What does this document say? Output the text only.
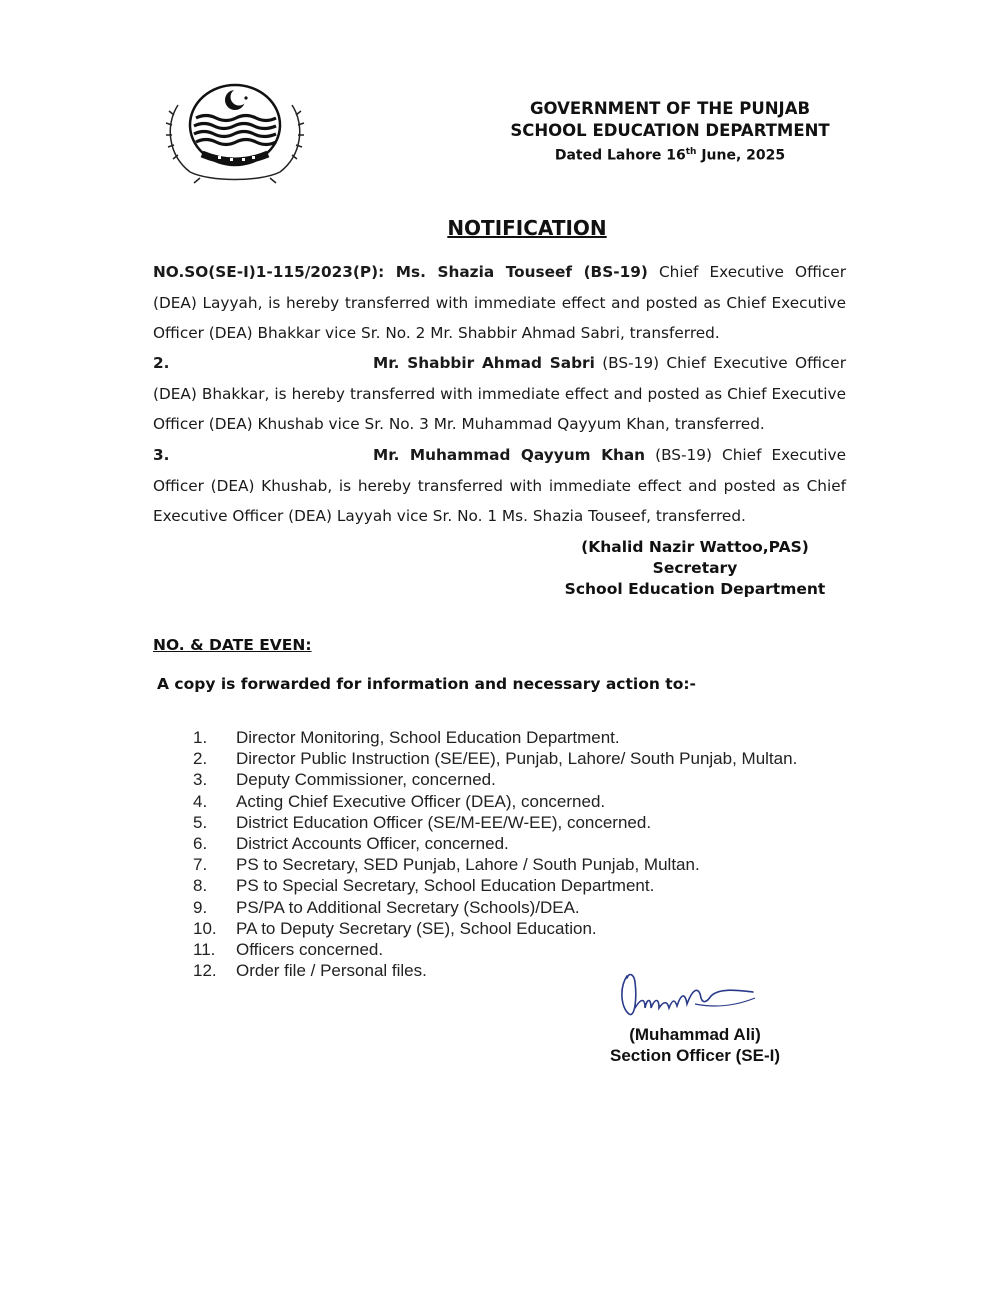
GOVERNMENT OF THE PUNJAB
SCHOOL EDUCATION DEPARTMENT
Dated Lahore 16th June, 2025
NOTIFICATION
NO.SO(SE-I)1-115/2023(P): Ms. Shazia Touseef (BS-19) Chief Executive Officer (DEA) Layyah, is hereby transferred with immediate effect and posted as Chief Executive Officer (DEA) Bhakkar vice Sr. No. 2 Mr. Shabbir Ahmad Sabri, transferred.
2.	Mr. Shabbir Ahmad Sabri (BS-19) Chief Executive Officer (DEA) Bhakkar, is hereby transferred with immediate effect and posted as Chief Executive Officer (DEA) Khushab vice Sr. No. 3 Mr. Muhammad Qayyum Khan, transferred.
3.	Mr. Muhammad Qayyum Khan (BS-19) Chief Executive Officer (DEA) Khushab, is hereby transferred with immediate effect and posted as Chief Executive Officer (DEA) Layyah vice Sr. No. 1 Ms. Shazia Touseef, transferred.
(Khalid Nazir Wattoo,PAS)
Secretary
School Education Department
NO. & DATE EVEN:
A copy is forwarded for information and necessary action to:-
1.	Director Monitoring, School Education Department.
2.	Director Public Instruction (SE/EE), Punjab, Lahore/ South Punjab, Multan.
3.	Deputy Commissioner, concerned.
4.	Acting Chief Executive Officer (DEA), concerned.
5.	District Education Officer (SE/M-EE/W-EE), concerned.
6.	District Accounts Officer, concerned.
7.	PS to Secretary, SED Punjab, Lahore / South Punjab, Multan.
8.	PS to Special Secretary, School Education Department.
9.	PS/PA to Additional Secretary (Schools)/DEA.
10.	PA to Deputy Secretary (SE), School Education.
11.	Officers concerned.
12.	Order file / Personal files.
(Muhammad Ali)
Section Officer (SE-I)
